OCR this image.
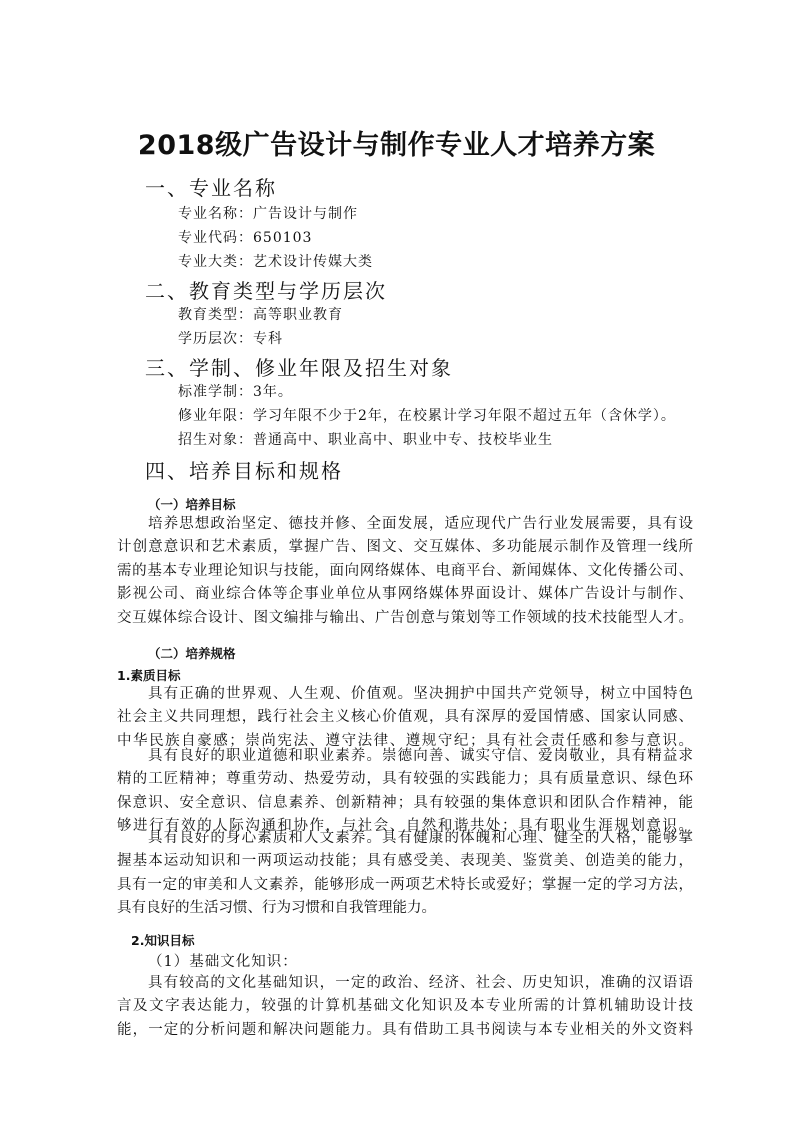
2018级广告设计与制作专业人才培养方案
一、专业名称
专业名称：广告设计与制作
专业代码：650103
专业大类：艺术设计传媒大类
二、教育类型与学历层次
教育类型：高等职业教育
学历层次：专科
三、学制、修业年限及招生对象
标准学制：3年。
修业年限：学习年限不少于2年，在校累计学习年限不超过五年（含休学）。
招生对象：普通高中、职业高中、职业中专、技校毕业生
四、培养目标和规格
（一）培养目标
培养思想政治坚定、德技并修、全面发展，适应现代广告行业发展需要，具有设
计创意意识和艺术素质，掌握广告、图文、交互媒体、多功能展示制作及管理一线所
需的基本专业理论知识与技能，面向网络媒体、电商平台、新闻媒体、文化传播公司、
影视公司、商业综合体等企事业单位从事网络媒体界面设计、媒体广告设计与制作、
交互媒体综合设计、图文编排与输出、广告创意与策划等工作领域的技术技能型人才。
（二）培养规格
1.素质目标
具有正确的世界观、人生观、价值观。坚决拥护中国共产党领导，树立中国特色
社会主义共同理想，践行社会主义核心价值观，具有深厚的爱国情感、国家认同感、
中华民族自豪感；崇尚宪法、遵守法律、遵规守纪；具有社会责任感和参与意识。
具有良好的职业道德和职业素养。崇德向善、诚实守信、爱岗敬业，具有精益求
精的工匠精神；尊重劳动、热爱劳动，具有较强的实践能力；具有质量意识、绿色环
保意识、安全意识、信息素养、创新精神；具有较强的集体意识和团队合作精神，能
够进行有效的人际沟通和协作，与社会、自然和谐共处；具有职业生涯规划意识。
具有良好的身心素质和人文素养。具有健康的体魄和心理、健全的人格，能够掌
握基本运动知识和一两项运动技能；具有感受美、表现美、鉴赏美、创造美的能力，
具有一定的审美和人文素养，能够形成一两项艺术特长或爱好；掌握一定的学习方法，
具有良好的生活习惯、行为习惯和自我管理能力。
2.知识目标
（1）基础文化知识：
具有较高的文化基础知识，一定的政治、经济、社会、历史知识，准确的汉语语
言及文字表达能力，较强的计算机基础文化知识及本专业所需的计算机辅助设计技
能，一定的分析问题和解决问题能力。具有借助工具书阅读与本专业相关的外文资料
